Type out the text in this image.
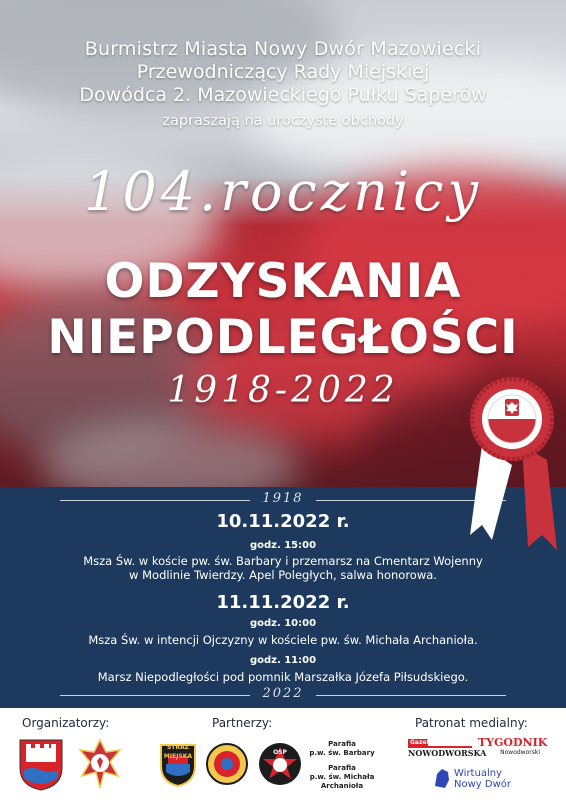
Burmistrz Miasta Nowy Dwór Mazowiecki
Przewodniczący Rady Miejskiej
Dowódca 2. Mazowieckiego Pułku Saperów
zapraszają na uroczyste obchody
104.rocznicy
ODZYSKANIA
NIEPODLEGŁOŚCI
1918-2022
1918
10.11.2022 r.
godz. 15:00
Msza Św. w koście pw. św. Barbary i przemarsz na Cmentarz Wojenny
w Modlinie Twierdzy. Apel Poległych, salwa honorowa.
11.11.2022 r.
godz. 10:00
Msza Św. w intencji Ojczyzny w kościele pw. św. Michała Archanioła.
godz. 11:00
Marsz Niepodległości pod pomnik Marszałka Józefa Piłsudskiego.
2022
Organizatorzy:	Partnerzy:	Patronat medialny:
STRAŻ MIEJSKA
OSP
Parafia
p.w. św. Barbary
Parafia
p.w. św. Michała
Archanioła
Gazeta
NOWODWORSKA
TYGODNIK
Nowodworski
Wirtualny
Nowy Dwór
